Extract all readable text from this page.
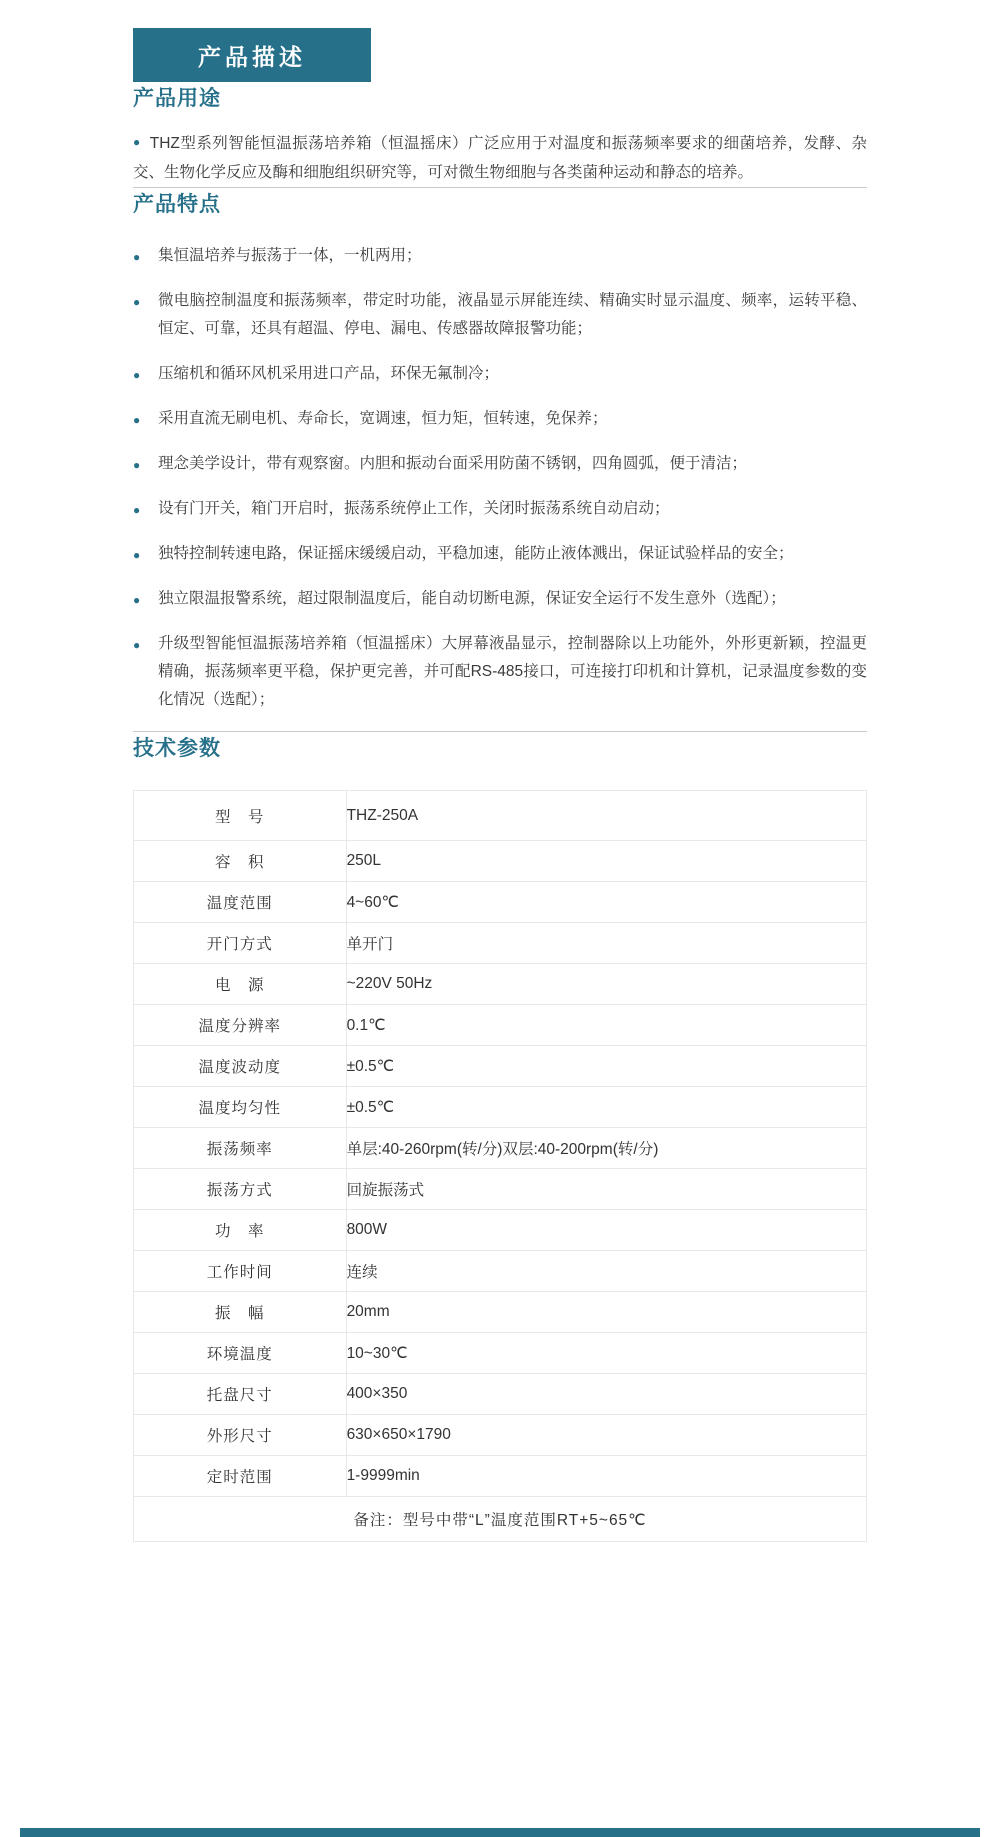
产品描述
产品用途

● THZ型系列智能恒温振荡培养箱（恒温摇床）广泛应用于对温度和振荡频率要求的细菌培养，发酵、杂交、生物化学反应及酶和细胞组织研究等，可对微生物细胞与各类菌种运动和静态的培养。

产品特点
● 集恒温培养与振荡于一体，一机两用；
● 微电脑控制温度和振荡频率，带定时功能，液晶显示屏能连续、精确实时显示温度、频率，运转平稳、恒定、可靠，还具有超温、停电、漏电、传感器故障报警功能；
● 压缩机和循环风机采用进口产品，环保无氟制冷；
● 采用直流无刷电机、寿命长，宽调速，恒力矩，恒转速，免保养；
● 理念美学设计，带有观察窗。内胆和振动台面采用防菌不锈钢，四角圆弧，便于清洁；
● 设有门开关，箱门开启时，振荡系统停止工作，关闭时振荡系统自动启动；
● 独特控制转速电路，保证摇床缓缓启动，平稳加速，能防止液体溅出，保证试验样品的安全；
● 独立限温报警系统，超过限制温度后，能自动切断电源，保证安全运行不发生意外（选配）；
● 升级型智能恒温振荡培养箱（恒温摇床）大屏幕液晶显示，控制器除以上功能外，外形更新颖，控温更精确，振荡频率更平稳，保护更完善，并可配RS-485接口，可连接打印机和计算机，记录温度参数的变化情况（选配）；
技术参数
型　号	THZ-250A
容　积	250L
温度范围	4~60℃
开门方式	单开门
电　源	~220V 50Hz
温度分辨率	0.1℃
温度波动度	±0.5℃
温度均匀性	±0.5℃
振荡频率	单层:40-260rpm(转/分)双层:40-200rpm(转/分)
振荡方式	回旋振荡式
功　率	800W
工作时间	连续
振　幅	20mm
环境温度	10~30℃
托盘尺寸	400×350
外形尺寸	630×650×1790
定时范围	1-9999min
备注：型号中带“L”温度范围RT+5~65℃	
